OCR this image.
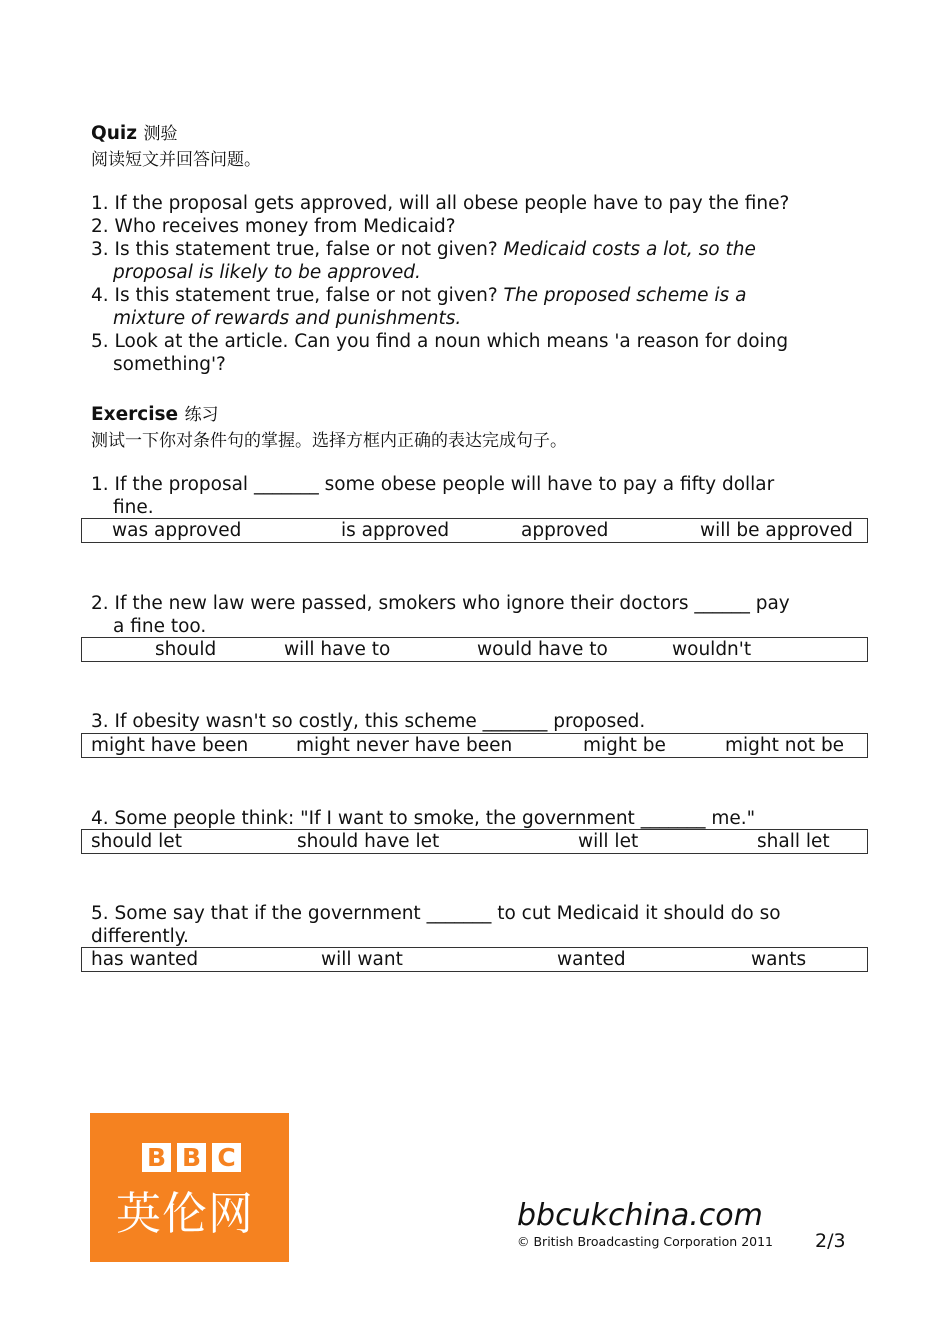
Quiz 测验
阅读短文并回答问题。
1. If the proposal gets approved, will all obese people have to pay the fine?
2. Who receives money from Medicaid?
3. Is this statement true, false or not given? Medicaid costs a lot, so the
proposal is likely to be approved.
4. Is this statement true, false or not given? The proposed scheme is a
mixture of rewards and punishments.
5. Look at the article. Can you find a noun which means 'a reason for doing
something'?
Exercise 练习
测试一下你对条件句的掌握。选择方框内正确的表达完成句子。
1. If the proposal _______ some obese people will have to pay a fifty dollar
fine.
was approved	is approved	approved	will be approved
2. If the new law were passed, smokers who ignore their doctors ______ pay
a fine too.
should	will have to	would have to	wouldn't
3. If obesity wasn't so costly, this scheme _______ proposed.
might have been	might never have been	might be	might not be
4. Some people think: "If I want to smoke, the government _______ me."
should let	should have let	will let	shall let
5. Some say that if the government _______ to cut Medicaid it should do so
differently.
has wanted	will want	wanted	wants
B B C
英伦网	bbcukchina.com
© British Broadcasting Corporation 2011 2/3
